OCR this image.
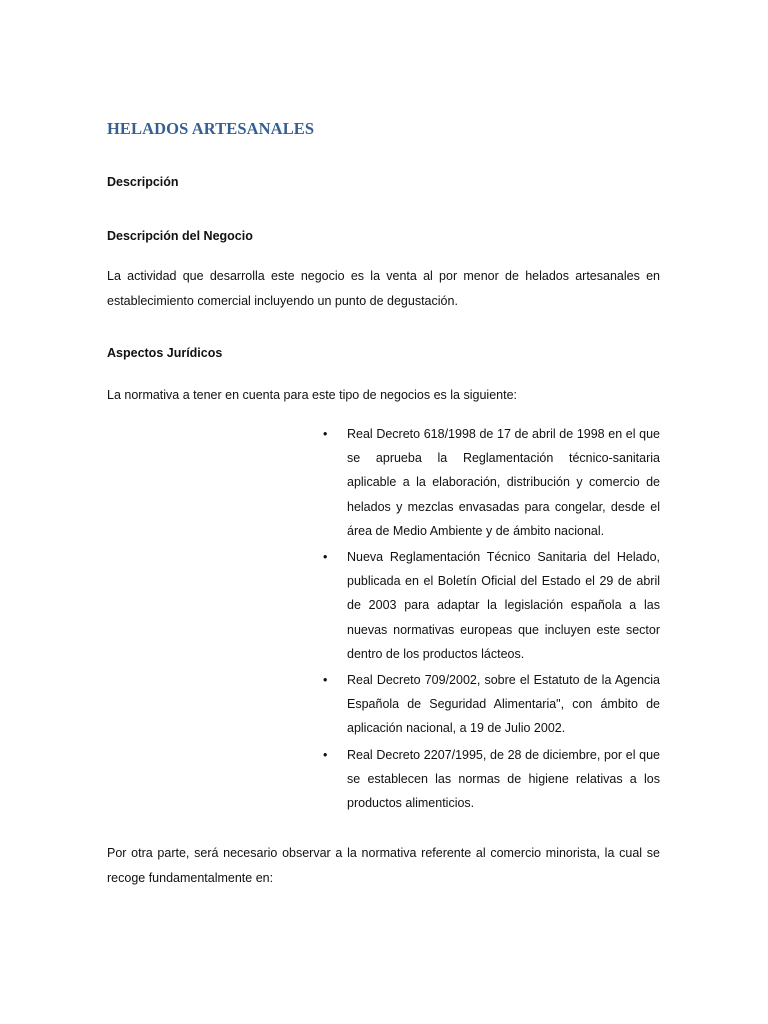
HELADOS ARTESANALES
Descripción
Descripción del Negocio
La actividad que desarrolla este negocio es la venta al por menor de helados artesanales en establecimiento comercial incluyendo un punto de degustación.
Aspectos Jurídicos
La normativa a tener en cuenta para este tipo de negocios es la siguiente:
• Real Decreto 618/1998 de 17 de abril de 1998 en el que se aprueba la Reglamentación técnico-sanitaria aplicable a la elaboración, distribución y comercio de helados y mezclas envasadas para congelar, desde el área de Medio Ambiente y de ámbito nacional.
• Nueva Reglamentación Técnico Sanitaria del Helado, publicada en el Boletín Oficial del Estado el 29 de abril de 2003 para adaptar la legislación española a las nuevas normativas europeas que incluyen este sector dentro de los productos lácteos.
• Real Decreto 709/2002, sobre el Estatuto de la Agencia Española de Seguridad Alimentaria", con ámbito de aplicación nacional, a 19 de Julio 2002.
• Real Decreto 2207/1995, de 28 de diciembre, por el que se establecen las normas de higiene relativas a los productos alimenticios.
Por otra parte, será necesario observar a la normativa referente al comercio minorista, la cual se recoge fundamentalmente en:
